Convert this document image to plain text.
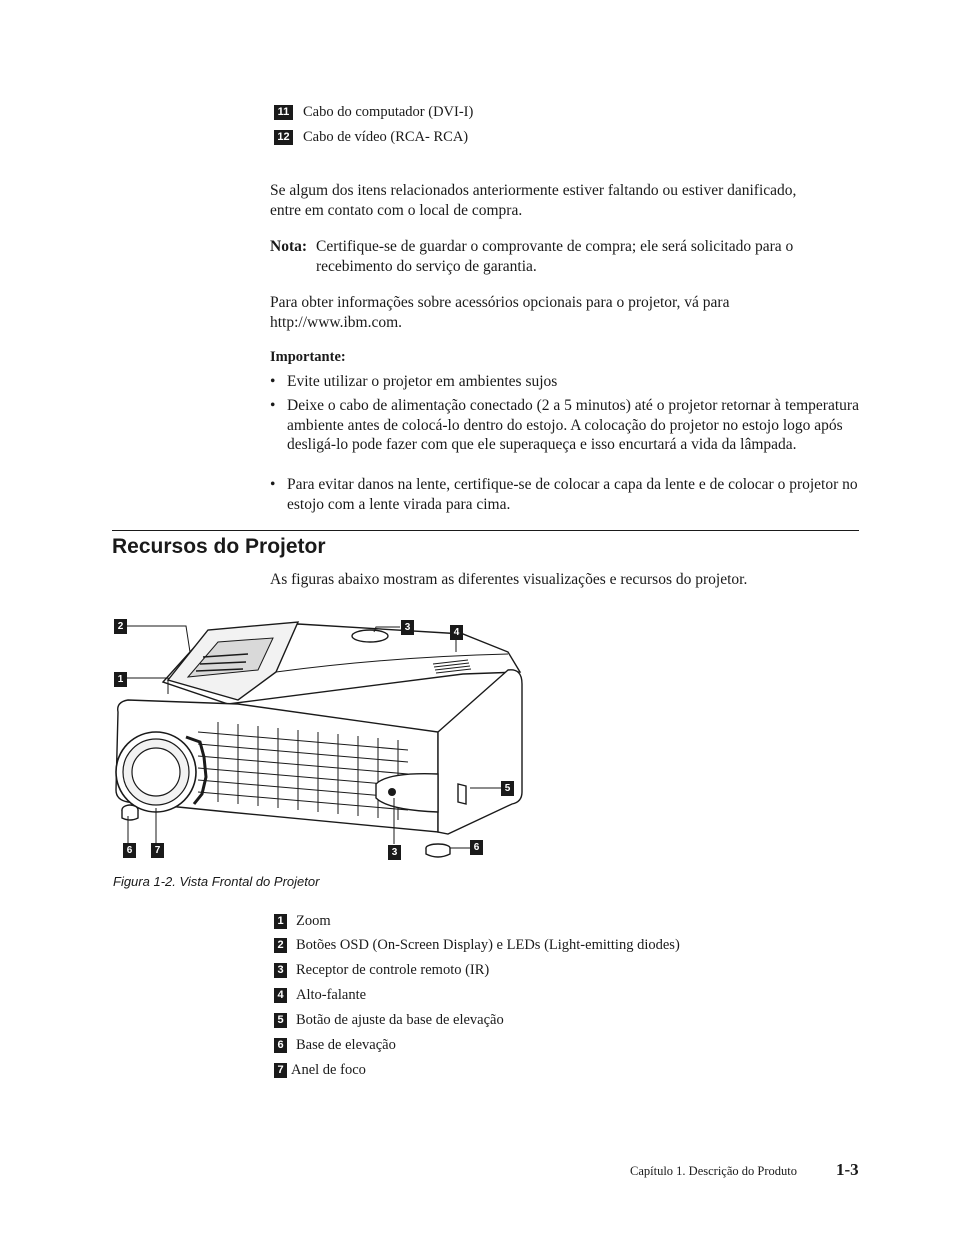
11 Cabo do computador (DVI-I)
12 Cabo de vídeo (RCA- RCA)
Se algum dos itens relacionados anteriormente estiver faltando ou estiver danificado, entre em contato com o local de compra.
Nota: Certifique-se de guardar o comprovante de compra; ele será solicitado para o recebimento do serviço de garantia.
Para obter informações sobre acessórios opcionais para o projetor, vá para http://www.ibm.com.
Importante:
• Evite utilizar o projetor em ambientes sujos
• Deixe o cabo de alimentação conectado (2 a 5 minutos) até o projetor retornar à temperatura ambiente antes de colocá-lo dentro do estojo. A colocação do projetor no estojo logo após desligá-lo pode fazer com que ele superaqueça e isso encurtará a vida da lâmpada.
• Para evitar danos na lente, certifique-se de colocar a capa da lente e de colocar o projetor no estojo com a lente virada para cima.
Recursos do Projetor
As figuras abaixo mostram as diferentes visualizações e recursos do projetor.
1
2	3	4
5
6	7	3	6
Figura 1-2. Vista Frontal do Projetor
1 Zoom
2 Botões OSD (On-Screen Display) e LEDs (Light-emitting diodes)
3 Receptor de controle remoto (IR)
4 Alto-falante
5 Botão de ajuste da base de elevação
6 Base de elevação
7 Anel de foco
Capítulo 1. Descrição do Produto 1-3
